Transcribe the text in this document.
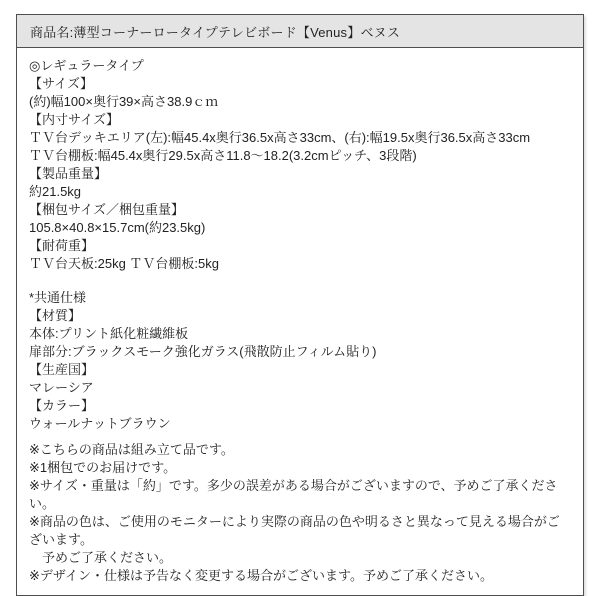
商品名:薄型コーナーロータイプテレビボード【Venus】ベヌス
◎レギュラータイプ
【サイズ】
(約)幅100×奥行39×高さ38.9ｃｍ
【内寸サイズ】
ＴＶ台デッキエリア(左):幅45.4x奥行36.5x高さ33cm、(右):幅19.5x奥行36.5x高さ33cm
ＴＶ台棚板:幅45.4x奥行29.5x高さ11.8〜18.2(3.2cmピッチ、3段階)
【製品重量】
約21.5kg
【梱包サイズ／梱包重量】
105.8×40.8×15.7cm(約23.5kg)
【耐荷重】
ＴＶ台天板:25kg ＴＶ台棚板:5kg
*共通仕様
【材質】
本体:プリント紙化粧繊維板
扉部分:ブラックスモーク強化ガラス(飛散防止フィルム貼り)
【生産国】
マレーシア
【カラー】
ウォールナットブラウン
※こちらの商品は組み立て品です。
※1梱包でのお届けです。
※サイズ・重量は「約」です。多少の誤差がある場合がございますので、予めご了承ください。
※商品の色は、ご使用のモニターにより実際の商品の色や明るさと異なって見える場合がございます。
　予めご了承ください。
※デザイン・仕様は予告なく変更する場合がございます。予めご了承ください。
